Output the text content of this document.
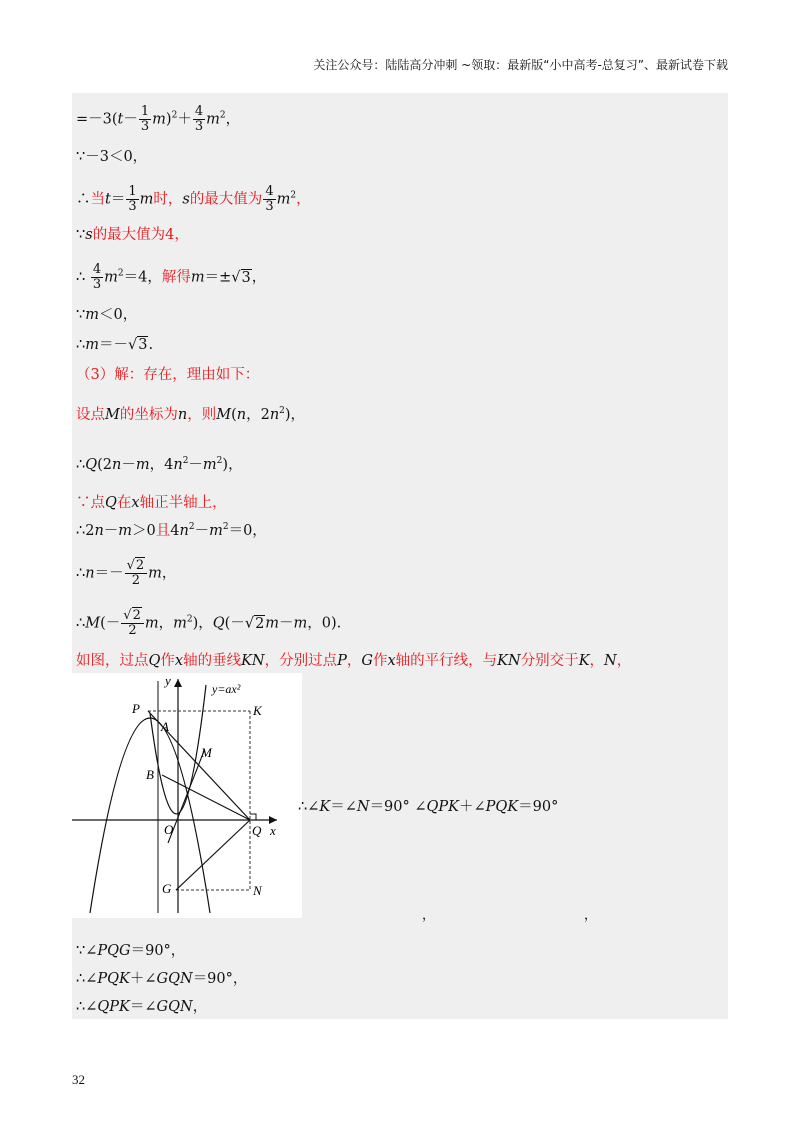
关注公众号：陆陆高分冲刺 ~领取：最新版“小中高考-总复习”、最新试卷下载
$=-3(t- \frac{1}{3} m)^2+ \frac{4}{3} m^2$，
∵－3＜0，
∴当$t= \frac{1}{3}$ m时，s的最大值为 $\frac{4}{3} m^2$，
∵s的最大值为4，
∴ $\frac{4}{3} m^2=4$，解得m＝±√3，
∵m＜0，
∴m＝－√3.
（3）解：存在，理由如下：
设点M的坐标为n，则M(n，$2n^2$)，
∴Q(2n－m，$4n^2-m^2$)，
∵点Q在x轴正半轴上，
∴2n－m＞0且$4n^2-m^2=0$，
∴n＝－ $\frac{√2}{2}$ m，
∴M(－ $\frac{√2}{2}$ m，$m^2$)，Q(－√2m－m，0).
如图，过点Q作x轴的垂线KN，分别过点P，G作x轴的平行线，与KN分别交于K，N，
y
x
y=ax²
P
A
K
M
B
O	Q
G	N
∴∠K＝∠N＝90° ∠QPK＋∠PQK＝90°
，	，
∵∠PQG＝90°，
∴∠PQK＋∠GQN＝90°，
∴∠QPK＝∠GQN，
32
